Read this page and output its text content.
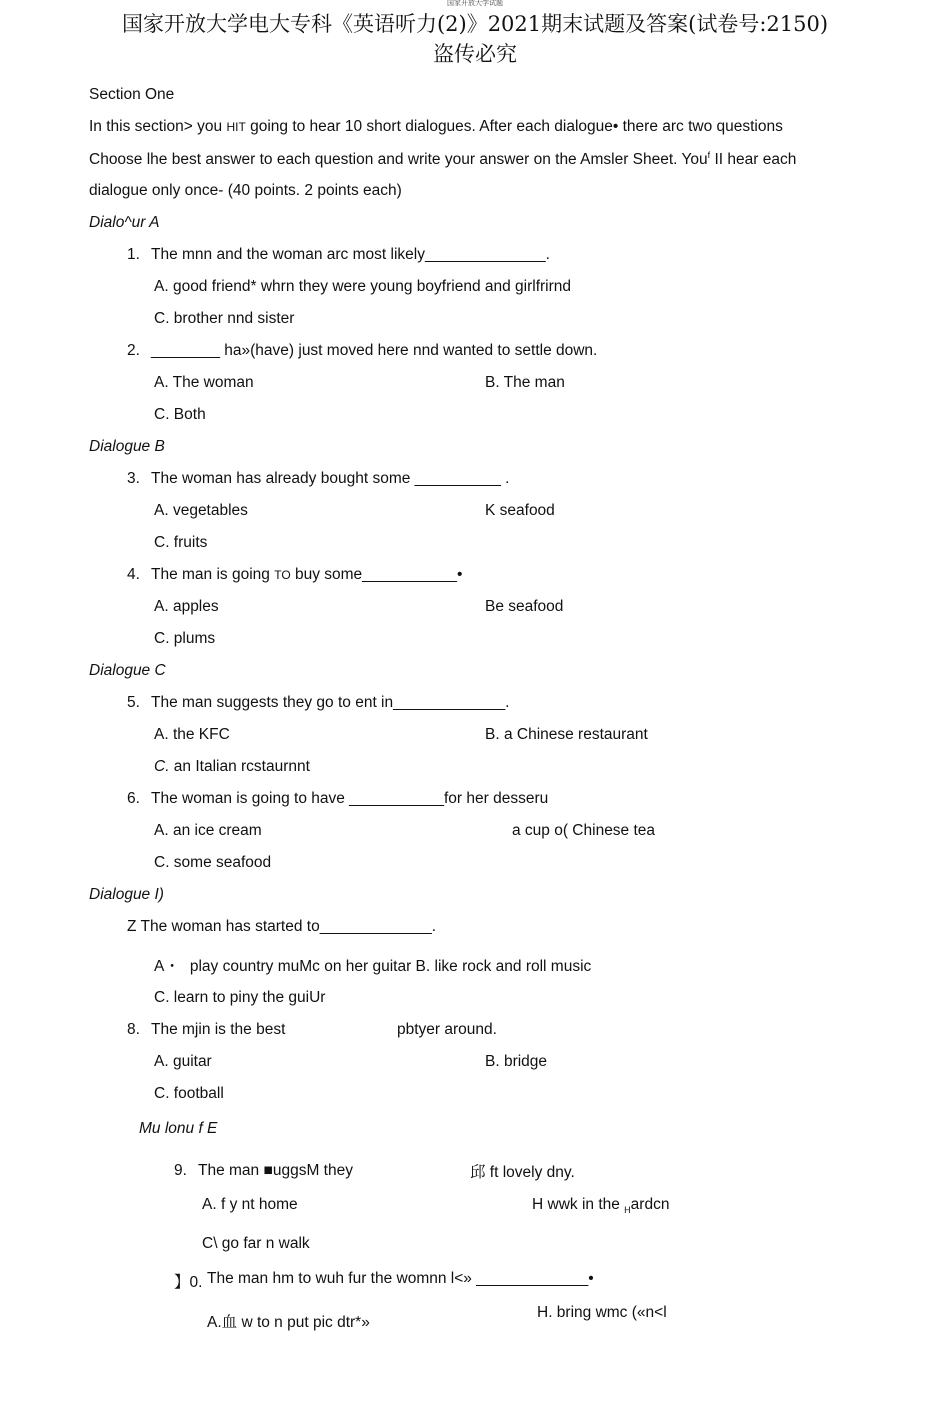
国家开放大学试题
国家开放大学电大专科《英语听力(2)》2021期末试题及答案(试卷号:2150)
盗传必究
Section One
In this section> you HIT going to hear 10 short dialogues. After each dialogue• there arc two questions
Choose lhe best answer to each question and write your answer on the Amsler Sheet. You$^f$ II hear each
dialogue only once- (40 points. 2 points each)
Dialo^ur A
1. The mnn and the woman arc most likely______________.
A. good friend* whrn they were young boyfriend and girlfrirnd
C. brother nnd sister
2. ________ ha»(have) just moved here nnd wanted to settle down.
A. The woman	B. The man
C. Both
Dialogue B
3. The woman has already bought some __________ .
A. vegetables	K seafood
C. fruits
4. The man is going TO buy some___________•
A. apples	Be seafood
C. plums
Dialogue C
5. The man suggests they go to ent in_____________.
A. the KFC	B. a Chinese restaurant
C. an Italian rcstaurnnt
6. The woman is going to have ___________for her desseru
A. an ice cream	a cup o( Chinese tea
C. some seafood
Dialogue I)
Z The woman has started to_____________.
A・ play country muMc on her guitar B. like rock and roll music
C. learn to piny the guiUr
8. The mjin is the best	pbtyer around.
A. guitar	B. bridge
C. football
Mu lonu f E
9. The man ■uggsM they	邱 ft lovely dny.
A. f y nt home	H wwk in the $_H$ardcn
C\ go far n walk
】0. The man hm to wuh fur the womnn l<» _____________•
A.血 w to n put pic dtr*»
H. bring wmc («n<l
